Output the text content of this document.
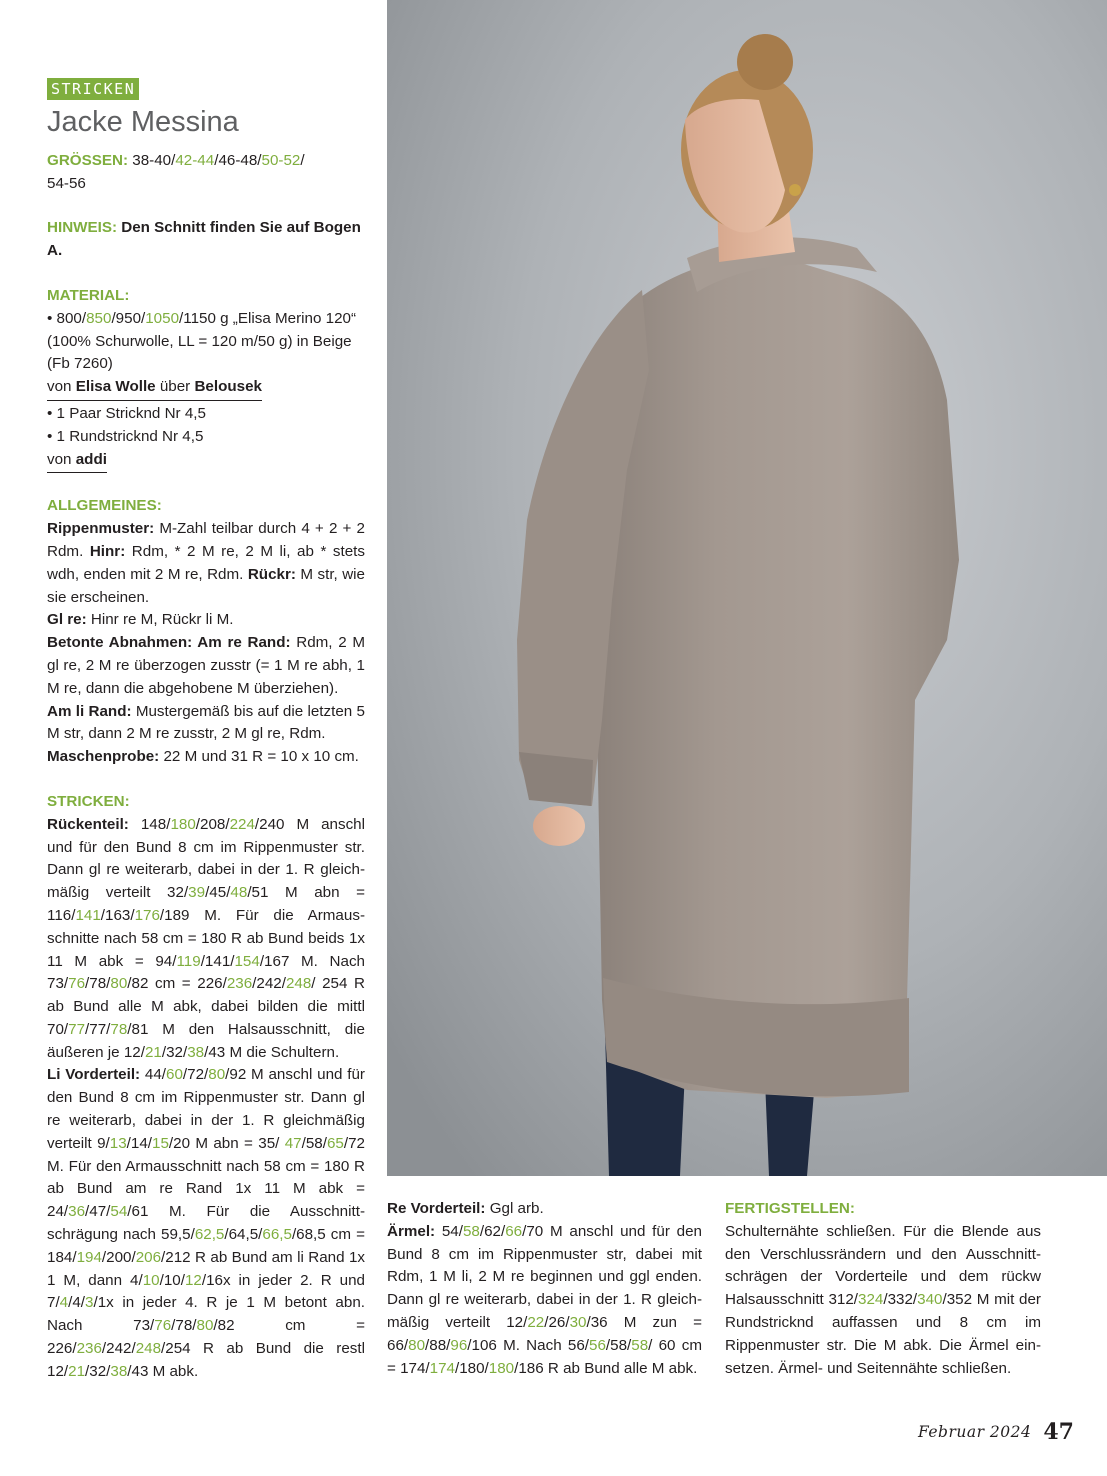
STRICKEN
Jacke Messina

GRÖSSEN: 38-40/42-44/46-48/50-52/
54-56

HINWEIS: Den Schnitt finden Sie auf Bogen A.

MATERIAL:

• 800/850/950/1050/1150 g „Elisa Merino 120“ (100% Schurwolle, LL = 120 m/50 g) in Beige (Fb 7260)

von Elisa Wolle über Belousek

• 1 Paar Stricknd Nr 4,5

• 1 Rundstricknd Nr 4,5

von addi

ALLGEMEINES:

Rippenmuster: M-Zahl teilbar durch 4 + 2 + 2 Rdm. Hinr: Rdm, * 2 M re, 2 M li, ab * stets wdh, enden mit 2 M re, Rdm. Rückr: M str, wie sie erscheinen.

Gl re: Hinr re M, Rückr li M.

Betonte Abnahmen: Am re Rand: Rdm, 2 M gl re, 2 M re überzogen zusstr (= 1 M re abh, 1 M re, dann die abgehobene M überziehen).

Am li Rand: Mustergemäß bis auf die letzten 5 M str, dann 2 M re zusstr, 2 M gl re, Rdm.

Maschenprobe: 22 M und 31 R = 10 x 10 cm.

STRICKEN:

Rückenteil: 148/180/208/224/240 M anschl und für den Bund 8 cm im Rippenmuster str. Dann gl re weiterarb, dabei in der 1. R gleichmäßig verteilt 32/39/45/48/51 M abn = 116/141/163/176/189 M. Für die Armausschnitte nach 58 cm = 180 R ab Bund beids 1x 11 M abk = 94/119/141/154/167 M. Nach 73/76/78/80/82 cm = 226/236/242/248/ 254 R ab Bund alle M abk, dabei bilden die mittl 70/77/77/78/81 M den Halsausschnitt, die äußeren je 12/21/32/38/43 M die Schultern.

Li Vorderteil: 44/60/72/80/92 M anschl und für den Bund 8 cm im Rippenmuster str. Dann gl re weiterarb, dabei in der 1. R gleichmäßig verteilt 9/13/14/15/20 M abn = 35/ 47/58/65/72 M. Für den Armausschnitt nach 58 cm = 180 R ab Bund am re Rand 1x 11 M abk = 24/36/47/54/61 M. Für die Ausschnittschrägung nach 59,5/62,5/64,5/66,5/68,5 cm = 184/194/200/206/212 R ab Bund am li Rand 1x 1 M, dann 4/10/10/12/16x in jeder 2. R und 7/4/4/3/1x in jeder 4. R je 1 M betont abn. Nach 73/76/78/80/82 cm = 226/236/242/248/254 R ab Bund die restl 12/21/32/38/43 M abk.

Re Vorderteil: Ggl arb.

Ärmel: 54/58/62/66/70 M anschl und für den Bund 8 cm im Rippenmuster str, dabei mit Rdm, 1 M li, 2 M re beginnen und ggl enden. Dann gl re weiterarb, dabei in der 1. R gleichmäßig verteilt 12/22/26/30/36 M zun = 66/80/88/96/106 M. Nach 56/56/58/58/ 60 cm = 174/174/180/180/186 R ab Bund alle M abk.

FERTIGSTELLEN:

Schulternähte schließen. Für die Blende aus den Verschlussrändern und den Ausschnittschrägen der Vorderteile und dem rückw Halsausschnitt 312/324/332/340/352 M mit der Rundstricknd auffassen und 8 cm im Rippenmuster str. Die M abk. Die Ärmel einsetzen. Ärmel- und Seitennähte schließen.

Februar 2024 47
